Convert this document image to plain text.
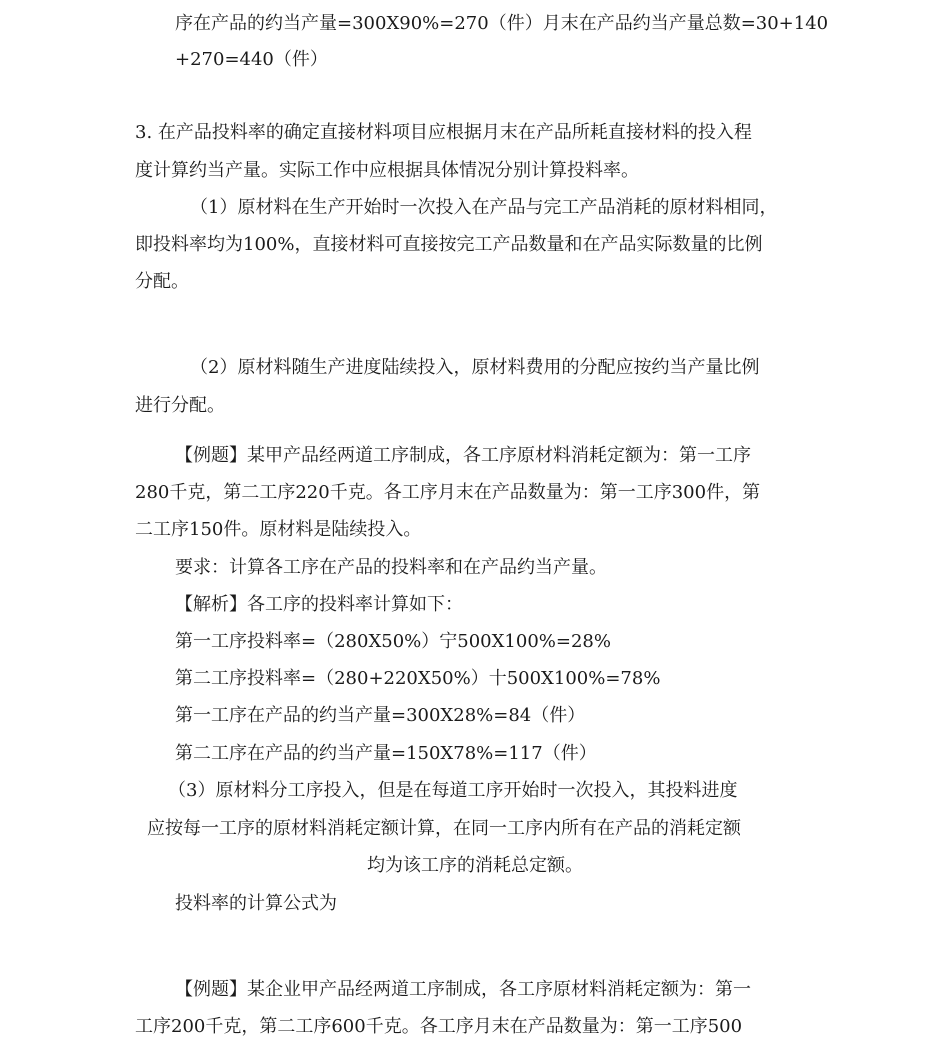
序在产品的约当产量=300X90%=270（件）月末在产品约当产量总数=30+140
+270=440（件）
3. 在产品投料率的确定直接材料项目应根据月末在产品所耗直接材料的投入程
度计算约当产量。实际工作中应根据具体情况分别计算投料率。
（1）原材料在生产开始时一次投入在产品与完工产品消耗的原材料相同，
即投料率均为100%，直接材料可直接按完工产品数量和在产品实际数量的比例
分配。
（2）原材料随生产进度陆续投入，原材料费用的分配应按约当产量比例
进行分配。
【例题】某甲产品经两道工序制成，各工序原材料消耗定额为：第一工序
280千克，第二工序220千克。各工序月末在产品数量为：第一工序300件，第
二工序150件。原材料是陆续投入。
要求：计算各工序在产品的投料率和在产品约当产量。
【解析】各工序的投料率计算如下：
第一工序投料率=（280X50%）宁500X100%=28%
第二工序投料率=（280+220X50%）十500X100%=78%
第一工序在产品的约当产量=300X28%=84（件）
第二工序在产品的约当产量=150X78%=117（件）
（3）原材料分工序投入，但是在每道工序开始时一次投入，其投料进度
应按每一工序的原材料消耗定额计算，在同一工序内所有在产品的消耗定额
均为该工序的消耗总定额。
投料率的计算公式为
【例题】某企业甲产品经两道工序制成，各工序原材料消耗定额为：第一
工序200千克，第二工序600千克。各工序月末在产品数量为：第一工序500
